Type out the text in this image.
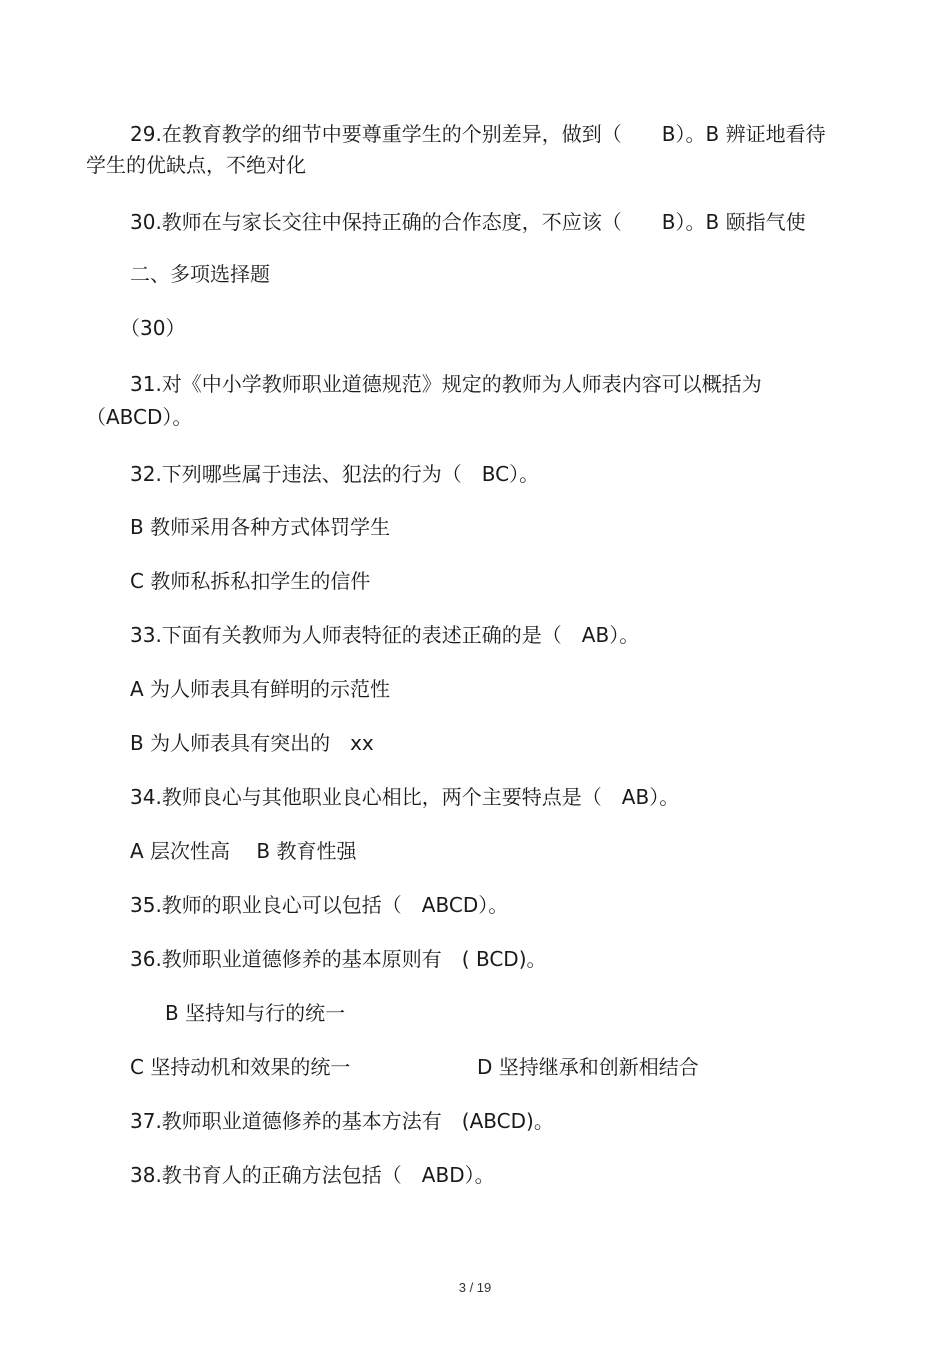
29.在教育教学的细节中要尊重学生的个别差异，做到（　　B）。B 辨证地看待
学生的优缺点，不绝对化
30.教师在与家长交往中保持正确的合作态度，不应该（　　B）。B 颐指气使
二、多项选择题
（30）
31.对《中小学教师职业道德规范》规定的教师为人师表内容可以概括为
（ABCD）。
32.下列哪些属于违法、犯法的行为（　BC）。
B 教师采用各种方式体罚学生
C 教师私拆私扣学生的信件
33.下面有关教师为人师表特征的表述正确的是（　AB）。
A 为人师表具有鲜明的示范性
B 为人师表具有突出的　xx
34.教师良心与其他职业良心相比，两个主要特点是（　AB）。
A 层次性高　 B 教育性强
35.教师的职业良心可以包括（　ABCD）。
36.教师职业道德修养的基本原则有　( BCD)。
B 坚持知与行的统一
C 坚持动机和效果的统一	D 坚持继承和创新相结合
37.教师职业道德修养的基本方法有　(ABCD)。
38.教书育人的正确方法包括（　ABD）。
3 / 19
